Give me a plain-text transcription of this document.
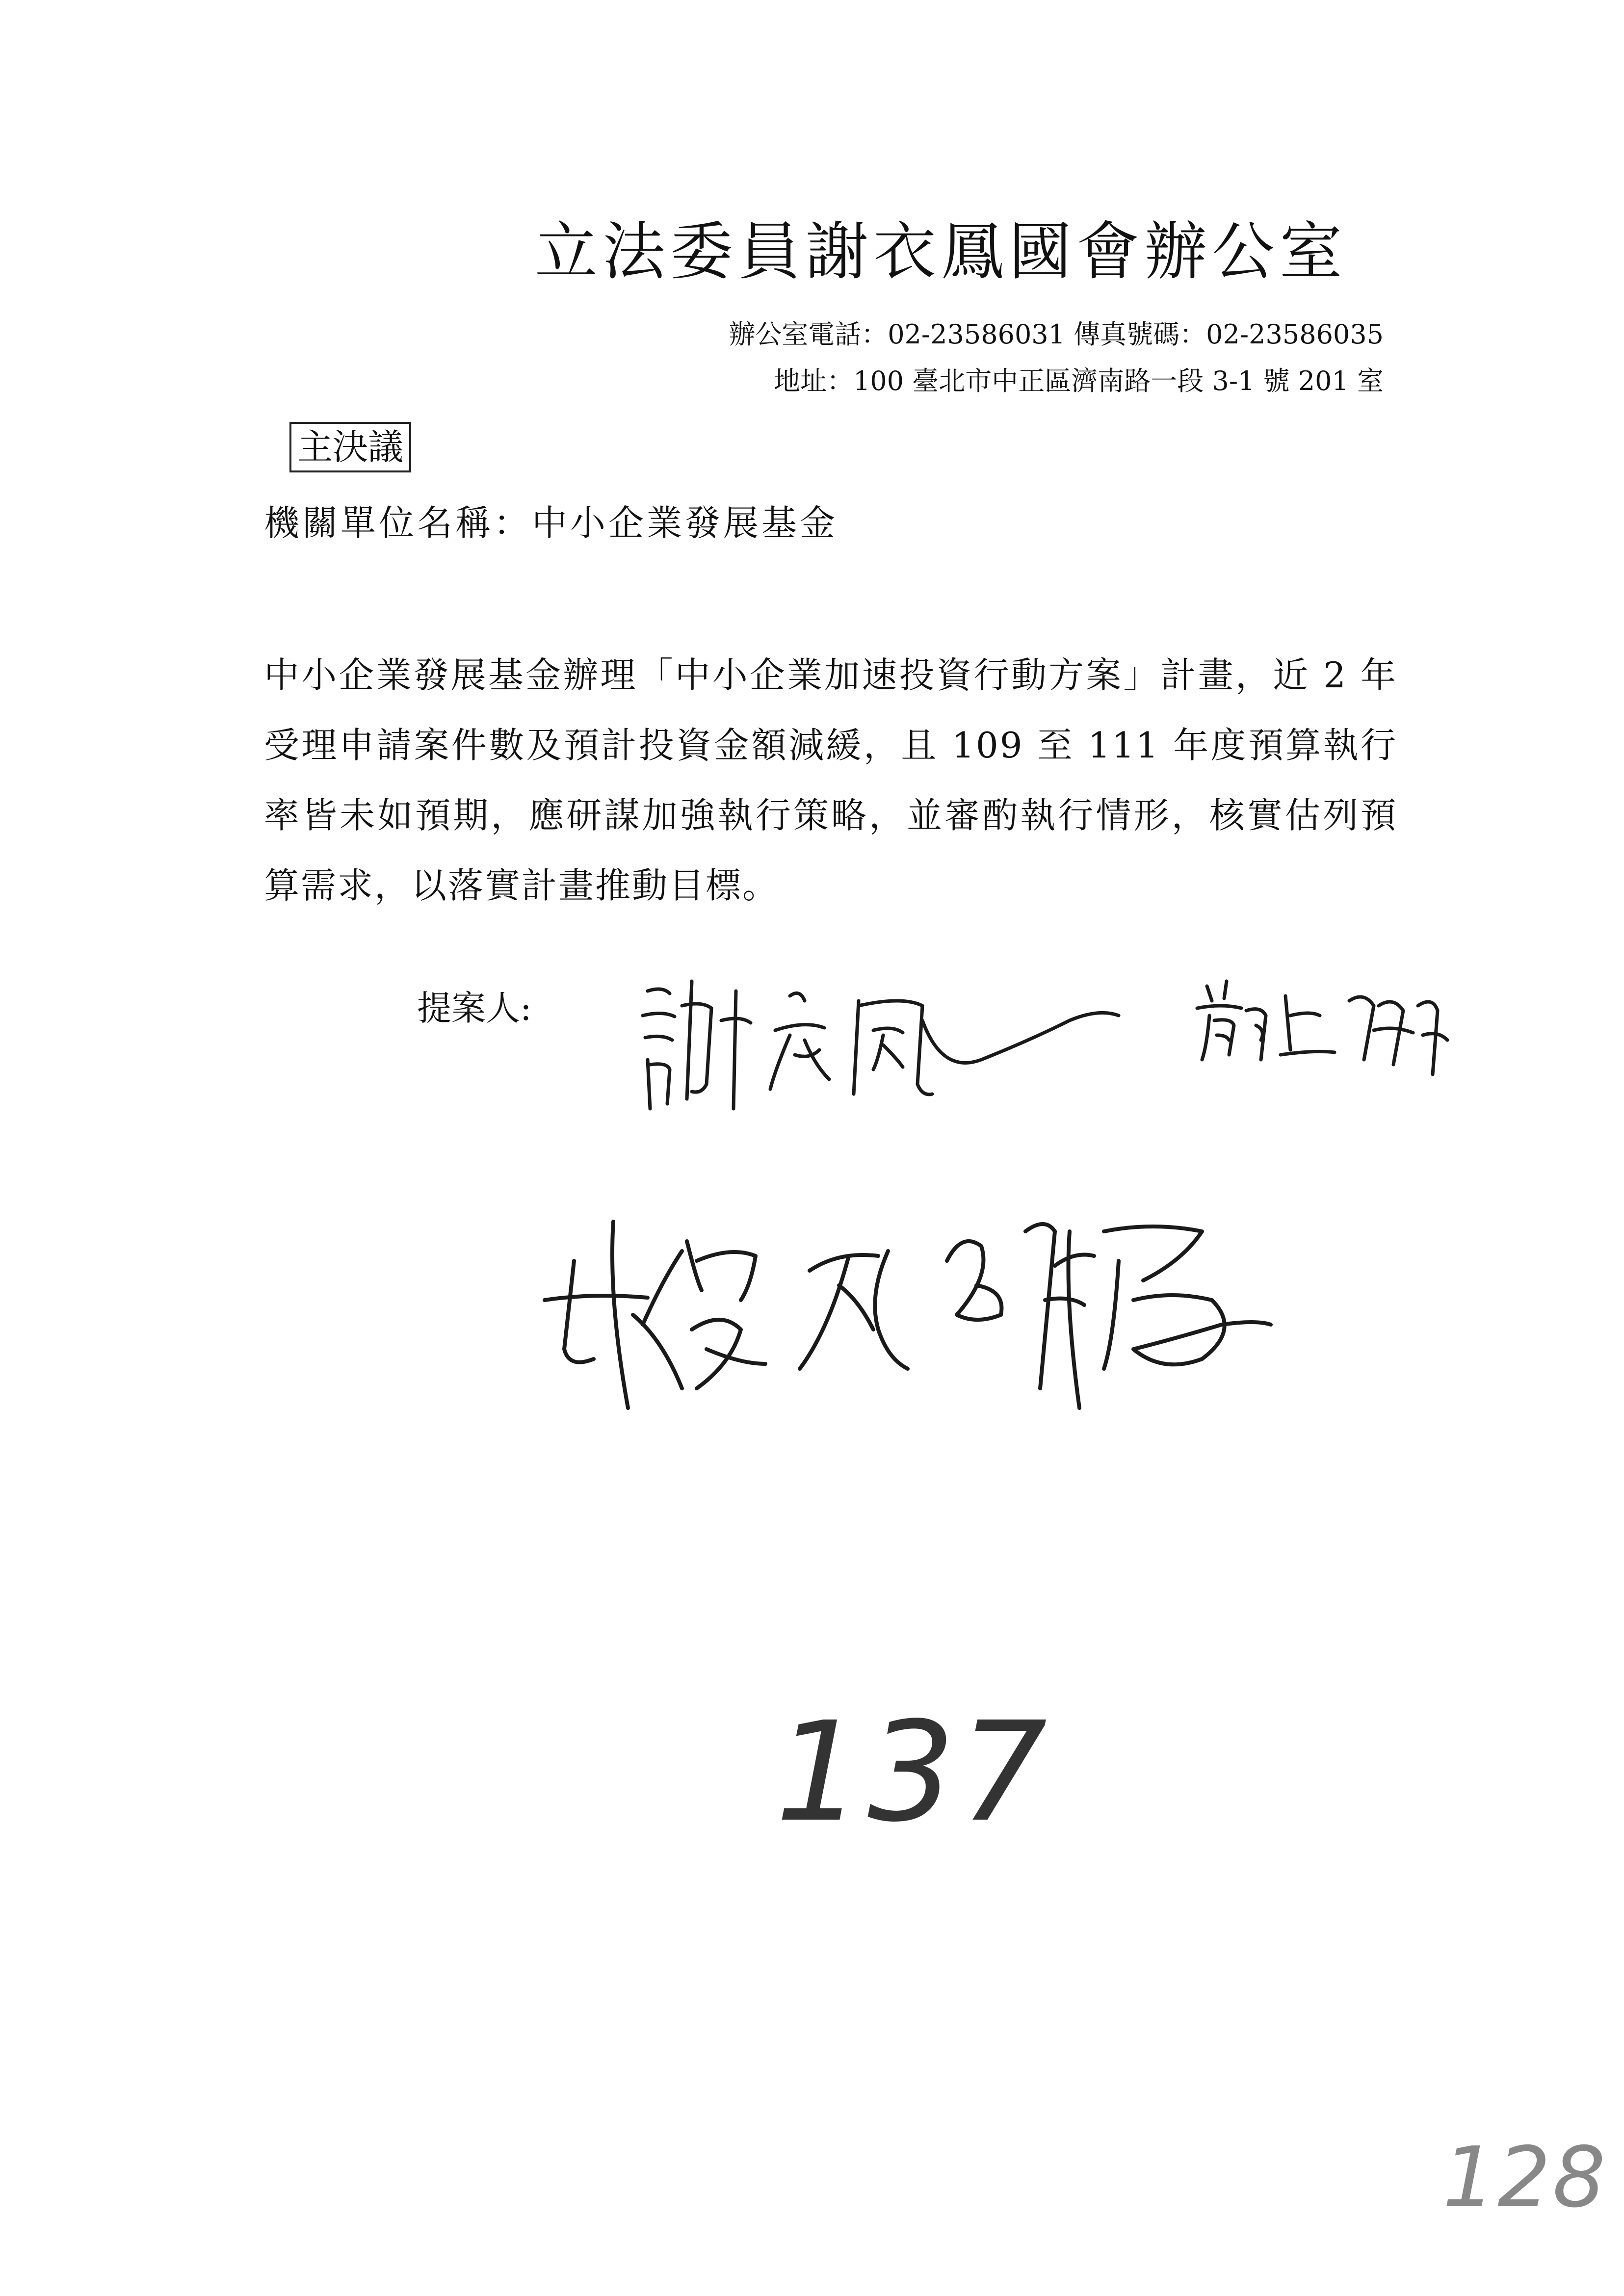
立法委員謝衣鳳國會辦公室
辦公室電話：02-23586031 傳真號碼：02-23586035
地址：100 臺北市中正區濟南路一段 3-1 號 201 室
主決議
機關單位名稱：中小企業發展基金
中小企業發展基金辦理「中小企業加速投資行動方案」計畫，近 2 年受理申請案件數及預計投資金額減緩，且 109 至 111 年度預算執行率皆未如預期，應研謀加強執行策略，並審酌執行情形，核實估列預算需求，以落實計畫推動目標。
提案人:
137
128
